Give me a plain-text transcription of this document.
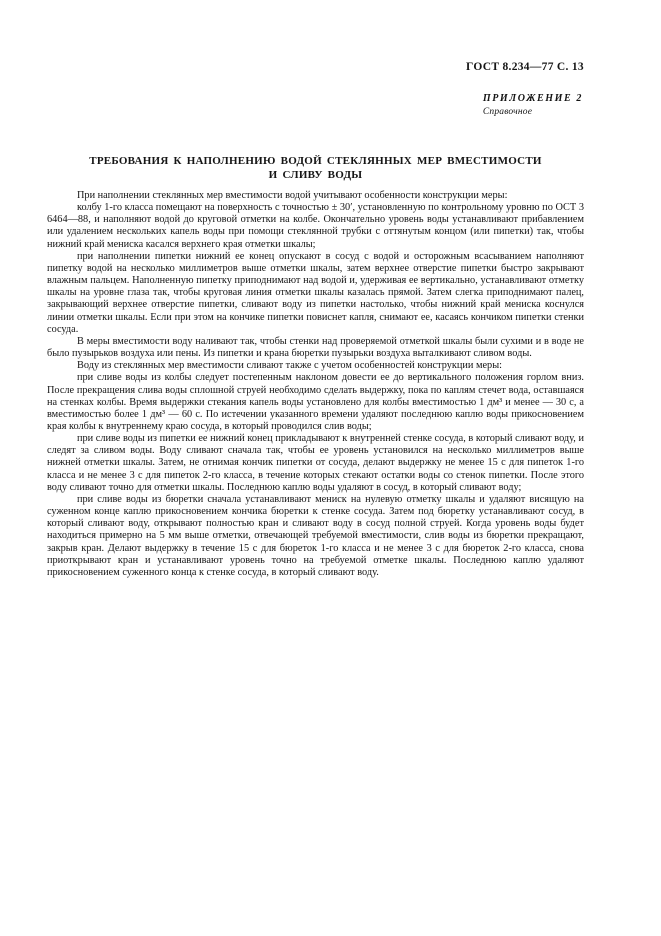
ГОСТ 8.234—77 С. 13
ПРИЛОЖЕНИЕ 2
Справочное
ТРЕБОВАНИЯ К НАПОЛНЕНИЮ ВОДОЙ СТЕКЛЯННЫХ МЕР ВМЕСТИМОСТИ
И СЛИВУ ВОДЫ

При наполнении стеклянных мер вместимости водой учитывают особенности конструкции меры:

колбу 1-го класса помещают на поверхность с точностью ± 30′, установленную по контрольному уровню по ОСТ 3 6464—88, и наполняют водой до круговой отметки на колбе. Окончательно уровень воды устанавливают прибавлением или удалением нескольких капель воды при помощи стеклянной трубки с оттянутым концом (или пипетки) так, чтобы нижний край мениска касался верхнего края отметки шкалы;

при наполнении пипетки нижний ее конец опускают в сосуд с водой и осторожным всасыванием наполняют пипетку водой на несколько миллиметров выше отметки шкалы, затем верхнее отверстие пипетки быстро закрывают влажным пальцем. Наполненную пипетку приподнимают над водой и, удерживая ее вертикально, устанавливают отметку шкалы на уровне глаза так, чтобы круговая линия отметки шкалы казалась прямой. Затем слегка приподнимают палец, закрывающий верхнее отверстие пипетки, сливают воду из пипетки настолько, чтобы нижний край мениска коснулся линии отметки шкалы. Если при этом на кончике пипетки повиснет капля, снимают ее, касаясь кончиком пипетки стенки сосуда.

В меры вместимости воду наливают так, чтобы стенки над проверяемой отметкой шкалы были сухими и в воде не было пузырьков воздуха или пены. Из пипетки и крана бюретки пузырьки воздуха выталкивают сливом воды.

Воду из стеклянных мер вместимости сливают также с учетом особенностей конструкции меры:

при сливе воды из колбы следует постепенным наклоном довести ее до вертикального положения горлом вниз. После прекращения слива воды сплошной струей необходимо сделать выдержку, пока по каплям стечет вода, оставшаяся на стенках колбы. Время выдержки стекания капель воды установлено для колбы вместимостью 1 дм³ и менее — 30 с, а вместимостью более 1 дм³ — 60 с. По истечении указанного времени удаляют последнюю каплю воды прикосновением края колбы к внутреннему краю сосуда, в который проводился слив воды;

при сливе воды из пипетки ее нижний конец прикладывают к внутренней стенке сосуда, в который сливают воду, и следят за сливом воды. Воду сливают сначала так, чтобы ее уровень установился на несколько миллиметров выше нижней отметки шкалы. Затем, не отнимая кончик пипетки от сосуда, делают выдержку не менее 15 с для пипеток 1-го класса и не менее 3 с для пипеток 2-го класса, в течение которых стекают остатки воды со стенок пипетки. После этого воду сливают точно для отметки шкалы. Последнюю каплю воды удаляют в сосуд, в который сливают воду;

при сливе воды из бюретки сначала устанавливают мениск на нулевую отметку шкалы и удаляют висящую на суженном конце каплю прикосновением кончика бюретки к стенке сосуда. Затем под бюретку устанавливают сосуд, в который сливают воду, открывают полностью кран и сливают воду в сосуд полной струей. Когда уровень воды будет находиться примерно на 5 мм выше отметки, отвечающей требуемой вместимости, слив воды из бюретки прекращают, закрыв кран. Делают выдержку в течение 15 с для бюреток 1-го класса и не менее 3 с для бюреток 2-го класса, снова приоткрывают кран и устанавливают уровень точно на требуемой отметке шкалы. Последнюю каплю удаляют прикосновением суженного конца к стенке сосуда, в который сливают воду.
